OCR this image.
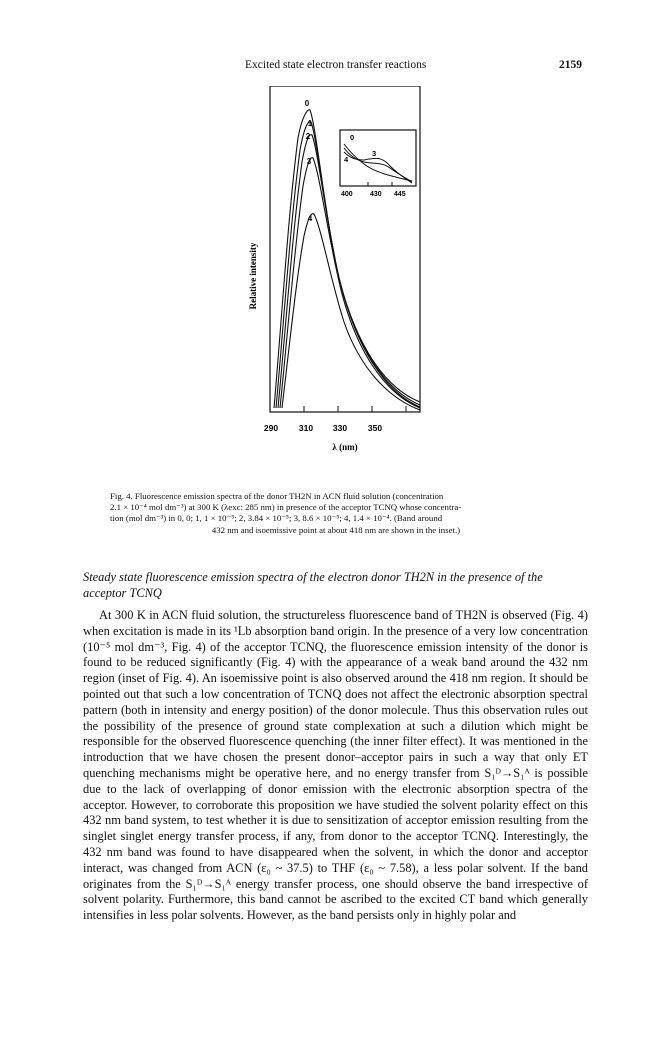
Excited state electron transfer reactions	2159
Relative intensity
290 310 330 350
λ (nm)
0
1
2
3
4
0
4
3
400 430 445
Fig. 4. Fluorescence emission spectra of the donor TH2N in ACN fluid solution (concentration
2.1 × 10⁻⁴ mol dm⁻³) at 300 K (λexc: 285 nm) in presence of the acceptor TCNQ whose concentra-
tion (mol dm⁻³) in 0, 0; 1, 1 × 10⁻⁵; 2, 3.84 × 10⁻⁵; 3, 8.6 × 10⁻⁵; 4, 1.4 × 10⁻⁴. (Band around
432 nm and isoemissive point at about 418 nm are shown in the inset.)
Steady state fluorescence emission spectra of the electron donor TH2N in the presence of the acceptor TCNQ

At 300 K in ACN fluid solution, the structureless fluorescence band of TH2N is observed (Fig. 4) when excitation is made in its ¹Lb absorption band origin. In the presence of a very low concentration (10⁻⁵ mol dm⁻³, Fig. 4) of the acceptor TCNQ, the fluorescence emission intensity of the donor is found to be reduced significantly (Fig. 4) with the appearance of a weak band around the 432 nm region (inset of Fig. 4). An isoemissive point is also observed around the 418 nm region. It should be pointed out that such a low concentration of TCNQ does not affect the electronic absorption spectral pattern (both in intensity and energy position) of the donor molecule. Thus this observation rules out the possibility of the presence of ground state complexation at such a dilution which might be responsible for the observed fluorescence quenching (the inner filter effect). It was mentioned in the introduction that we have chosen the present donor–acceptor pairs in such a way that only ET quenching mechanisms might be operative here, and no energy transfer from S₁ᴰ→S₁ᴬ is possible due to the lack of overlapping of donor emission with the electronic absorption spectra of the acceptor. However, to corroborate this proposition we have studied the solvent polarity effect on this 432 nm band system, to test whether it is due to sensitization of acceptor emission resulting from the singlet singlet energy transfer process, if any, from donor to the acceptor TCNQ. Interestingly, the 432 nm band was found to have disappeared when the solvent, in which the donor and acceptor interact, was changed from ACN (ε₀ ~ 37.5) to THF (ε₀ ~ 7.58), a less polar solvent. If the band originates from the S₁ᴰ→S₁ᴬ energy transfer process, one should observe the band irrespective of solvent polarity. Furthermore, this band cannot be ascribed to the excited CT band which generally intensifies in less polar solvents. However, as the band persists only in highly polar and
